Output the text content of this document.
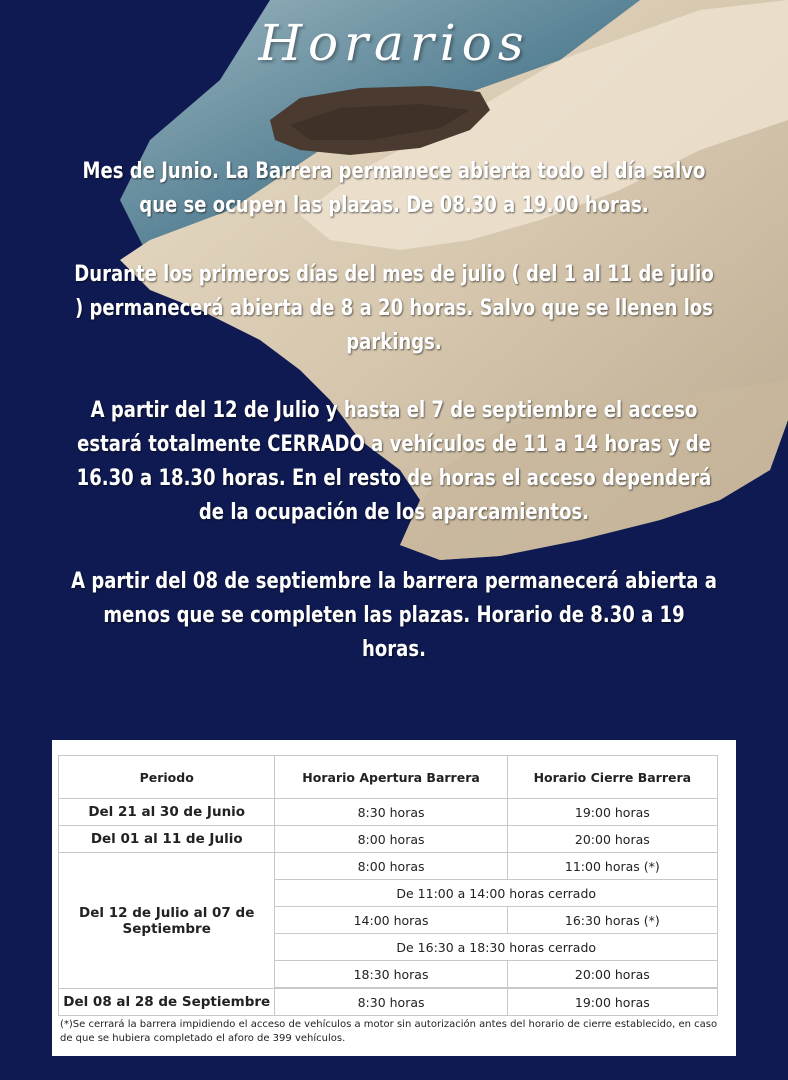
Horarios
Mes de Junio. La Barrera permanece abierta todo el día salvo que se ocupen las plazas. De 08.30 a 19.00 horas.
Durante los primeros días del mes de julio ( del 1 al 11 de julio ) permanecerá abierta de 8 a 20 horas. Salvo que se llenen los parkings.
A partir del 12 de Julio y hasta el 7 de septiembre el acceso estará totalmente CERRADO a vehículos de 11 a 14 horas y de 16.30 a 18.30 horas. En el resto de horas el acceso dependerá de la ocupación de los aparcamientos.
A partir del 08 de septiembre la barrera permanecerá abierta a menos que se completen las plazas. Horario de 8.30 a 19 horas.
Periodo	Horario Apertura Barrera	Horario Cierre Barrera
Del 21 al 30 de Junio	8:30 horas	19:00 horas
Del 01 al 11 de Julio	8:00 horas	20:00 horas
Del 12 de Julio al 07 de Septiembre	8:00 horas	11:00 horas (*)
	De 11:00 a 14:00 horas cerrado	
	14:00 horas	16:30 horas (*)
	De 16:30 a 18:30 horas cerrado	
	18:30 horas	20:00 horas

Del 08 al 28 de Septiembre	8:30 horas	19:00 horas
(*)Se cerrará la barrera impidiendo el acceso de vehículos a motor sin autorización antes del horario de cierre establecido, en caso de que se hubiera completado el aforo de 399 vehículos.
